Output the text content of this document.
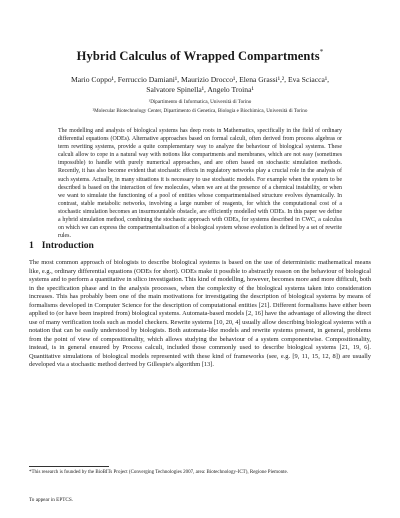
Hybrid Calculus of Wrapped Compartments*
Mario Coppo¹, Ferruccio Damiani¹, Maurizio Drocco¹, Elena Grassi¹,², Eva Sciacca¹,
Salvatore Spinella¹, Angelo Troina¹
¹Dipartimento di Informatica, Università di Torino
²Molecular Biotechnology Center, Dipartimento di Genetica, Biologia e Biochimica, Università di Torino
The modelling and analysis of biological systems has deep roots in Mathematics, specifically in the field of ordinary differential equations (ODEs). Alternative approaches based on formal calculi, often derived from process algebras or term rewriting systems, provide a quite complementary way to analyze the behaviour of biological systems. These calculi allow to cope in a natural way with notions like compartments and membranes, which are not easy (sometimes impossible) to handle with purely numerical approaches, and are often based on stochastic simulation methods. Recently, it has also become evident that stochastic effects in regulatory networks play a crucial role in the analysis of such systems. Actually, in many situations it is necessary to use stochastic models. For example when the system to be described is based on the interaction of few molecules, when we are at the presence of a chemical instability, or when we want to simulate the functioning of a pool of entities whose compartmentalised structure evolves dynamically. In contrast, stable metabolic networks, involving a large number of reagents, for which the computational cost of a stochastic simulation becomes an insurmountable obstacle, are efficiently modelled with ODEs. In this paper we define a hybrid simulation method, combining the stochastic approach with ODEs, for systems described in CWC, a calculus on which we can express the compartmentalisation of a biological system whose evolution is defined by a set of rewrite rules.
1 Introduction
The most common approach of biologists to describe biological systems is based on the use of deterministic mathematical means like, e.g., ordinary differential equations (ODEs for short). ODEs make it possible to abstractly reason on the behaviour of biological systems and to perform a quantitative in silico investigation. This kind of modelling, however, becomes more and more difficult, both in the specification phase and in the analysis processes, when the complexity of the biological systems taken into consideration increases. This has probably been one of the main motivations for investigating the description of biological systems by means of formalisms developed in Computer Science for the description of computational entities [21]. Different formalisms have either been applied to (or have been inspired from) biological systems. Automata-based models [2, 16] have the advantage of allowing the direct use of many verification tools such as model checkers. Rewrite systems [10, 20, 4] usually allow describing biological systems with a notation that can be easily understood by biologists. Both automata-like models and rewrite systems present, in general, problems from the point of view of compositionality, which allows studying the behaviour of a system componentwise. Compositionality, instead, is in general ensured by Process calculi, included those commonly used to describe biological systems [21, 19, 6]. Quantitative simulations of biological models represented with these kind of frameworks (see, e.g. [9, 11, 15, 12, 8]) are usually developed via a stochastic method derived by Gillespie's algorithm [13].
*This research is founded by the BioBITs Project (Converging Technologies 2007, area: Biotechnology-ICT), Regione Piemonte.
To appear in EPTCS.
